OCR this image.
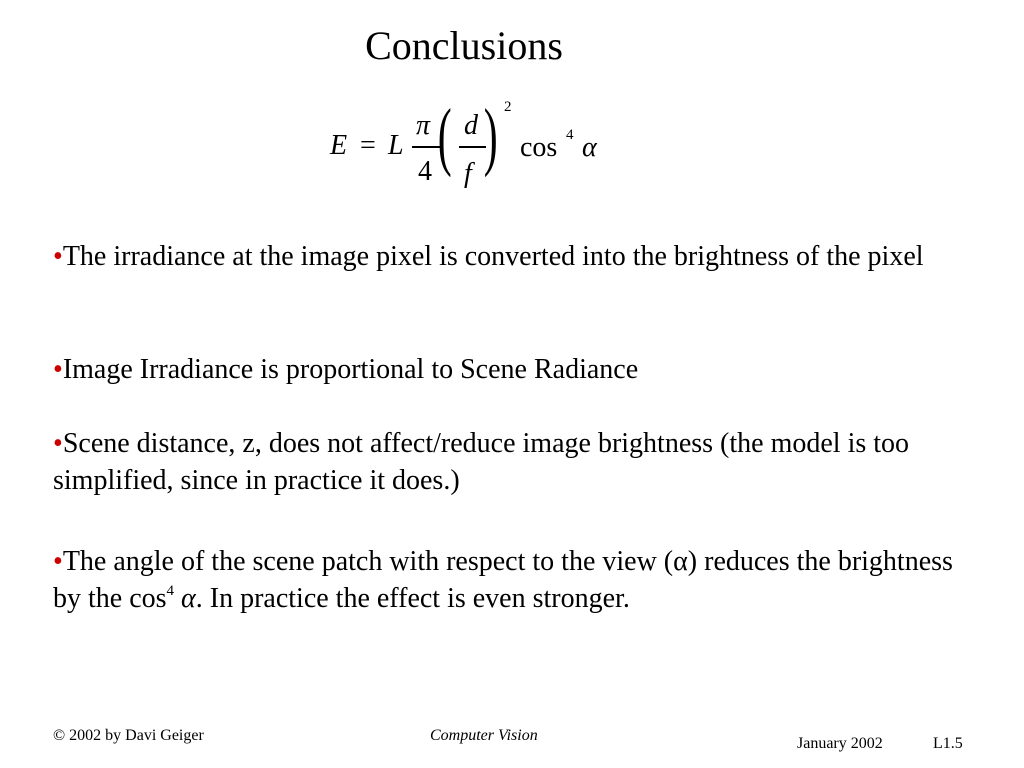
Conclusions
E = L
π
4 ( d
f ) 2
cos 4 α
•The irradiance at the image pixel is converted into the brightness of the pixel
•Image Irradiance is proportional to Scene Radiance
•Scene distance, z, does not affect/reduce image brightness (the model is too simplified, since in practice it does.)
•The angle of the scene patch with respect to the view (α) reduces the brightness by the $\cos^4 \alpha$. In practice the effect is even stronger.
© 2002 by Davi Geiger	Computer Vision	January 2002	L1.5
